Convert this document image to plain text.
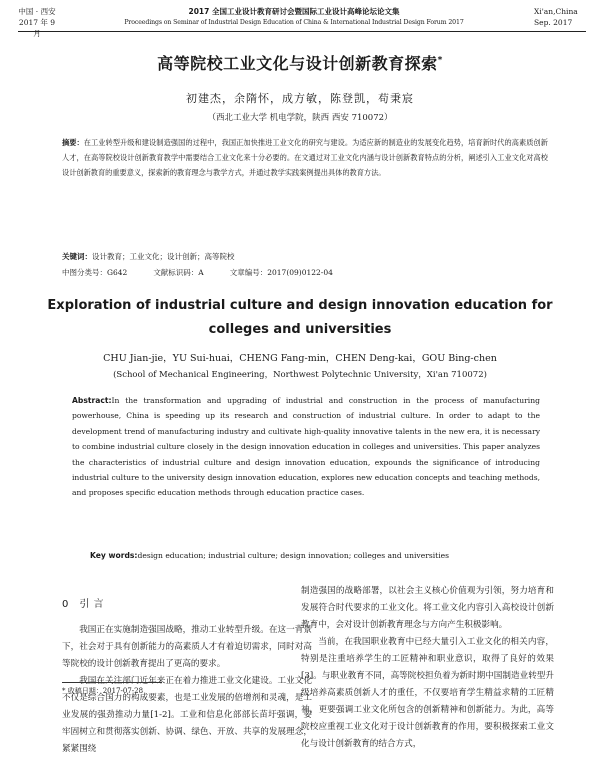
中国 · 西安
2017 年 9 月
2017 全国工业设计教育研讨会暨国际工业设计高峰论坛论文集
Proceedings on Seminar of Industrial Design Education of China & International Industrial Design Forum 2017
Xi'an,China
Sep. 2017
高等院校工业文化与设计创新教育探索*
初建杰，余隋怀，成方敏，陈登凯，苟秉宸
（西北工业大学 机电学院，陕西 西安 710072）
摘要：在工业转型升级和建设制造强国的过程中，我国正加快推进工业文化的研究与建设。为适应新的制造业的发展变化趋势，培育新时代的高素质创新人才，在高等院校设计创新教育教学中需要结合工业文化来十分必要的。在文通过对工业文化内涵与设计创新教育特点的分析，阐述引入工业文化对高校设计创新教育的重要意义，探索新的教育理念与教学方式，并通过教学实践案例提出具体的教育方法。
关键词：设计教育；工业文化；设计创新；高等院校
中图分类号：G642	文献标识码：A	文章编号：2017(09)0122-04
Exploration of industrial culture and design innovation education for colleges and universities
CHU Jian-jie，YU Sui-huai，CHENG Fang-min，CHEN Deng-kai，GOU Bing-chen
(School of Mechanical Engineering，Northwest Polytechnic University，Xi'an 710072)
Abstract:In the transformation and upgrading of industrial and construction in the process of manufacturing powerhouse, China is speeding up its research and construction of industrial culture. In order to adapt to the development trend of manufacturing industry and cultivate high-quality innovative talents in the new era, it is necessary to combine industrial culture closely in the design innovation education in colleges and universities. This paper analyzes the characteristics of industrial culture and design innovation education, expounds the significance of introducing industrial culture to the university design innovation education, explores new education concepts and teaching methods, and proposes specific education methods through education practice cases.
Key words:design education; industrial culture; design innovation; colleges and universities
0 引言

我国正在实施制造强国战略，推动工业转型升级。在这一背景下，社会对于具有创新能力的高素质人才有着迫切需求，同时对高等院校的设计创新教育提出了更高的要求。

我国在关注部门近年来正在着力推进工业文化建设。工业文化不仅是综合国力的构成要素，也是工业发展的倍增剂和灵魂，是工业发展的强劲推动力量[1-2]。工业和信息化部部长苗圩强调，要牢固树立和贯彻落实创新、协调、绿色、开放、共享的发展理念，紧紧围绕

制造强国的战略部署，以社会主义核心价值观为引领，努力培育和发展符合时代要求的工业文化。将工业文化内容引入高校设计创新教育中，会对设计创新教育理念与方向产生积极影响。

当前，在我国职业教育中已经大量引入工业文化的相关内容，特别是注重培养学生的工匠精神和职业意识，取得了良好的效果[3]。与职业教育不同，高等院校担负着为新时期中国制造业转型升级培养高素质创新人才的重任，不仅要培育学生精益求精的工匠精神，更要强调工业文化所包含的创新精神和创新能力。为此，高等院校应重视工业文化对于设计创新教育的作用，要积极探索工业文化与设计创新教育的结合方式，

* 收稿日期：2017-07-28
